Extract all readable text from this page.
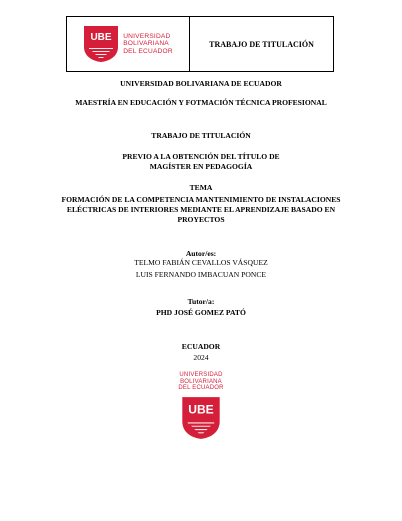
UBE UNIVERSIDAD
BOLIVARIANA
DEL ECUADOR
TRABAJO DE TITULACIÓN
UNIVERSIDAD BOLIVARIANA DE ECUADOR
MAESTRÍA EN EDUCACIÓN Y FOTMACIÓN TÉCNICA PROFESIONAL
TRABAJO DE TITULACIÓN
PREVIO A LA OBTENCIÓN DEL TÍTULO DE
MAGÍSTER EN PEDAGOGÍA
TEMA
FORMACIÓN DE LA COMPETENCIA MANTENIMIENTO DE INSTALACIONES
ELÉCTRICAS DE INTERIORES MEDIANTE EL APRENDIZAJE BASADO EN
PROYECTOS
Autor/es:
TELMO FABIÁN CEVALLOS VÁSQUEZ
LUIS FERNANDO IMBACUAN PONCE
Tutor/a:
PHD JOSÉ GOMEZ PATÓ
ECUADOR
2024
UNIVERSIDAD
BOLIVARIANA
DEL ECUADOR
UBE
